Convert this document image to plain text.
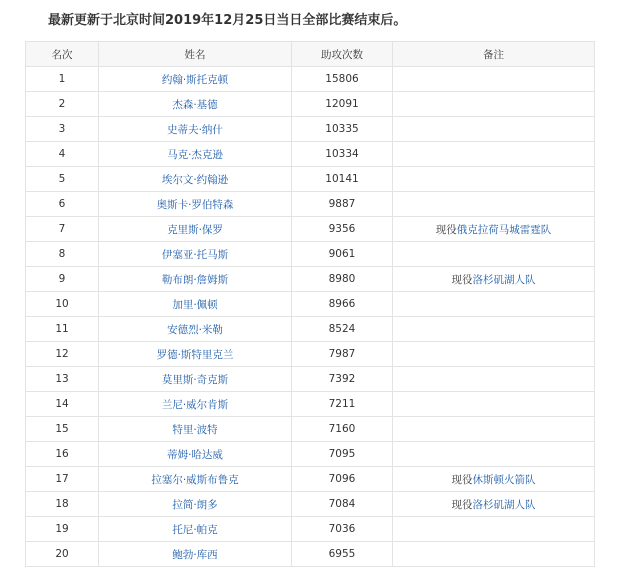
最新更新于北京时间2019年12月25日当日全部比赛结束后。
名次	姓名	助攻次数	备注
1	约翰·斯托克顿	15806	
2	杰森·基德	12091	
3	史蒂夫·纳什	10335	
4	马克·杰克逊	10334	
5	埃尔文·约翰逊	10141	
6	奥斯卡·罗伯特森	9887	
7	克里斯·保罗	9356	现役俄克拉荷马城雷霆队
8	伊塞亚·托马斯	9061	
9	勒布朗·詹姆斯	8980	现役洛杉矶湖人队
10	加里·佩顿	8966	
11	安德烈·米勒	8524	
12	罗德·斯特里克兰	7987	
13	莫里斯·奇克斯	7392	
14	兰尼·威尔肯斯	7211	
15	特里·波特	7160	
16	蒂姆·哈达威	7095	
17	拉塞尔·威斯布鲁克	7096	现役休斯顿火箭队
18	拉简·朗多	7084	现役洛杉矶湖人队
19	托尼·帕克	7036	
20	鲍勃·库西	6955	
